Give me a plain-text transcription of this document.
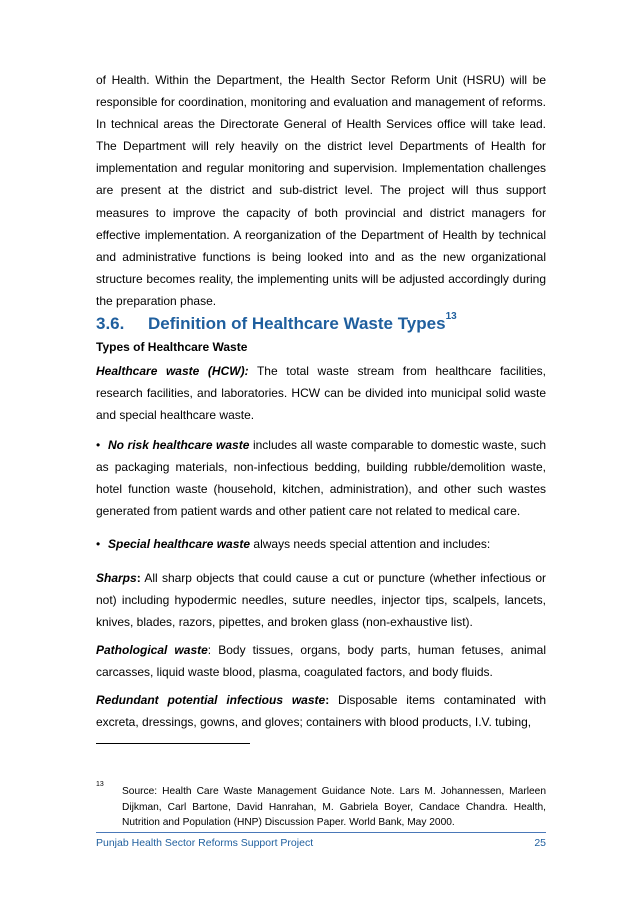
of Health. Within the Department, the Health Sector Reform Unit (HSRU) will be responsible for coordination, monitoring and evaluation and management of reforms. In technical areas the Directorate General of Health Services office will take lead. The Department will rely heavily on the district level Departments of Health for implementation and regular monitoring and supervision. Implementation challenges are present at the district and sub-district level. The project will thus support measures to improve the capacity of both provincial and district managers for effective implementation. A reorganization of the Department of Health by technical and administrative functions is being looked into and as the new organizational structure becomes reality, the implementing units will be adjusted accordingly during the preparation phase.

3.6. Definition of Healthcare Waste Types$^{13}$
Types of Healthcare Waste

Healthcare waste (HCW): The total waste stream from healthcare facilities, research facilities, and laboratories. HCW can be divided into municipal solid waste and special healthcare waste.

• No risk healthcare waste includes all waste comparable to domestic waste, such as packaging materials, non-infectious bedding, building rubble/demolition waste, hotel function waste (household, kitchen, administration), and other such wastes generated from patient wards and other patient care not related to medical care.
• Special healthcare waste always needs special attention and includes:

Sharps: All sharp objects that could cause a cut or puncture (whether infectious or not) including hypodermic needles, suture needles, injector tips, scalpels, lancets, knives, blades, razors, pipettes, and broken glass (non-exhaustive list).

Pathological waste: Body tissues, organs, body parts, human fetuses, animal carcasses, liquid waste blood, plasma, coagulated factors, and body fluids.

Redundant potential infectious waste: Disposable items contaminated with excreta, dressings, gowns, and gloves; containers with blood products, I.V. tubing,

13

Source: Health Care Waste Management Guidance Note. Lars M. Johannessen, Marleen Dijkman, Carl Bartone, David Hanrahan, M. Gabriela Boyer, Candace Chandra. Health, Nutrition and Population (HNP) Discussion Paper. World Bank, May 2000.

Punjab Health Sector Reforms Support Project	25
